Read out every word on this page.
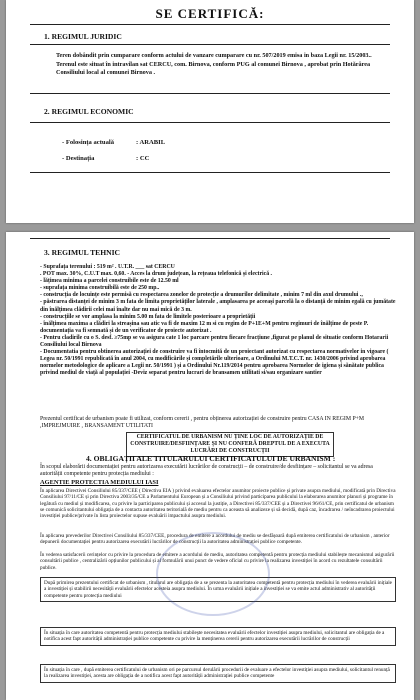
SE CERTIFICĂ:
1. REGIMUL JURIDIC
Teren dobândit prin cumparare conform actului de vanzare cumparare cu nr. 507/2019 emisa in baza Legii nr. 15/2003.. Terenul este situat în intravilan sat CERCU, com. Birnova, conform PUG al comunei Birnova , aprobat prin Hotărârea Consiliului local al comunei Birnova .
2. REGIMUL ECONOMIC
- Folosința actuală	: ARABIL
- Destinația	: CC
3. REGIMUL TEHNIC
- Suprafața terenului : 519 m² . U.T.R. ___ sat CERCU
. POT max. 30%, C.U.T max. 0,60. - Acces la drum județean, la rețeaua telefonică și electrică .
- lățimea minima a parcelei construibile este de 12.50 ml
- suprafața minima construibilă este de 250 mp..
- construcția de locuințe este permisă cu respectarea zonelor de protecție a drumurilor delimitate , minim 7 ml din axul drumului .,
- păstrarea distanței de minim 3 m fata de limita proprietăților laterale , amplasarea pe aceeași parcelă la o distanță de minim egală cu jumătate din înălțimea clădirii celei mai înalte dar nu mai mică de 3 m.
- construcțiile se vor amplasa la minim 5.00 m fata de limitele posterioare a proprietății
- înălțimea maxima a clădiri la streașina sau atic va fi de maxim 12 m si cu regim de P+1E+M pentru regimuri de înălțime de peste P. documentația va fi semnată și de un verificator de proiecte autorizat .
- Pentru cladirile cu o S. desf. ≥75mp se va asigura cate 1 loc parcare pentru fiecare fracțiune ,figurat pe planul de situatie conform Hotararii Consiliului local Birnova
- Documentatia pentru obtinerea autorizației de construire va fi întocmită de un proiectant autorizat cu respectarea normativelor in vigoare ( Legea nr. 50/1991 republicată în anul 2004, cu modificările și completările ulterioare, a Ordinului M.T.C.T. nr. 1430/2006 privind aprobarea normelor metodologice de aplicare a Legii nr. 50/1991 ) și a Ordinului Nr.119/2014 pentru aprobarea Normelor de igiena și sănătate publica privind mediul de viață al populației -Deviz separat pentru lucrari de bransamen utilitati si/sau organizare santier
Prezentul certificat de urbanism poate fi utilizat, conform cererii , pentru obținerea autorizației de construire pentru CASA IN REGIM P+M ,IMPREJMUIRE , BRANSAMENT UTILITATI
CERTIFICATUL DE URBANISM NU ȚINE LOC DE AUTORIZAȚIE DE CONSTRUIRE/DESFIINȚARE ȘI NU CONFERĂ DREPTUL DE A EXECUTA LUCRĂRI DE CONSTRUCȚII
4. OBLIGAȚII ALE TITULARULUI CERTIFICATULUI DE URBANISM :
În scopul elaborării documentației pentru autorizarea executării lucrărilor de construcții – de construire/de desființare – solicitantul se va adresa autorității competente pentru protecția mediului :
AGENTIE PROTECTIA MEDIULUI IASI
În aplicarea Directivei Consiliului 85/337/CEE ( Directiva EIA ) privind evaluarea efectelor anumitor proiecte publice și private asupra mediului, modificată prin Directiva Consiliului 97/11/CE și prin Directiva 2003/35/CE a Parlamentului European și a Consiliului privind participarea publicului la elaborarea anumitor planuri și programe în legătură cu mediul și modificarea, cu privire la participarea publicului și accesul la justiție, a Directivei 85/337/CEE și a Directivei 96/61/CE, prin certificatul de urbanism se comunică solicitantului obligația de a contacta autoritatea teritorială de mediu pentru ca aceasta să analizeze și să decidă, după caz, încadrarea / neîncadrarea proiectului investiției publice/private în lista proiectelor supuse evaluării impactului asupra mediului.
În aplicarea prevederilor Directivei Consiliului 85/337/CEE, procedura de emitere a acordului de mediu se desfășoară după emiterea certificatului de urbanism , anterior depunerii documentației pentru autorizarea executării lucrărilor de construcții la autoritatea administrației publice competente.
În vederea satisfacerii cerințelor cu privire la procedura de emitere a acordului de mediu, autoritatea competentă pentru protecția mediului stabilește mecanismul asigurării consultării publice , centralizării opțiunilor publicului și al formulării unui punct de vedere oficial cu privire la realizarea investiției în acord cu rezultatele consultării publice.
După primirea prezentului certificat de urbanism , titularul are obligația de a se prezenta la autoritatea competentă pentru protecția mediului în vederea evaluării inițiale a investiției și stabilirii necesității evaluării efectelor acesteia asupra mediului. În urma evaluării inițiale a investiției se va emite actul administrativ al autorității competente pentru protecția mediului
În situația în care autoritatea competentă pentru protecția mediului stabilește necesitatea evaluării efectelor investiției asupra mediului, solicitantul are obligația de a notifica acest fapt autorității administrației publice competente cu privire la menținerea cererii pentru autorizarea executării lucrărilor de construcții
În situația în care , după emiterea certificatului de urbanism ori pe parcursul derulării procedurii de evaluare a efectelor investiției asupra mediului, solicitantul renunță la realizarea investiției, acesta are obligația de a notifica acest fapt autorității administrației publice competente
